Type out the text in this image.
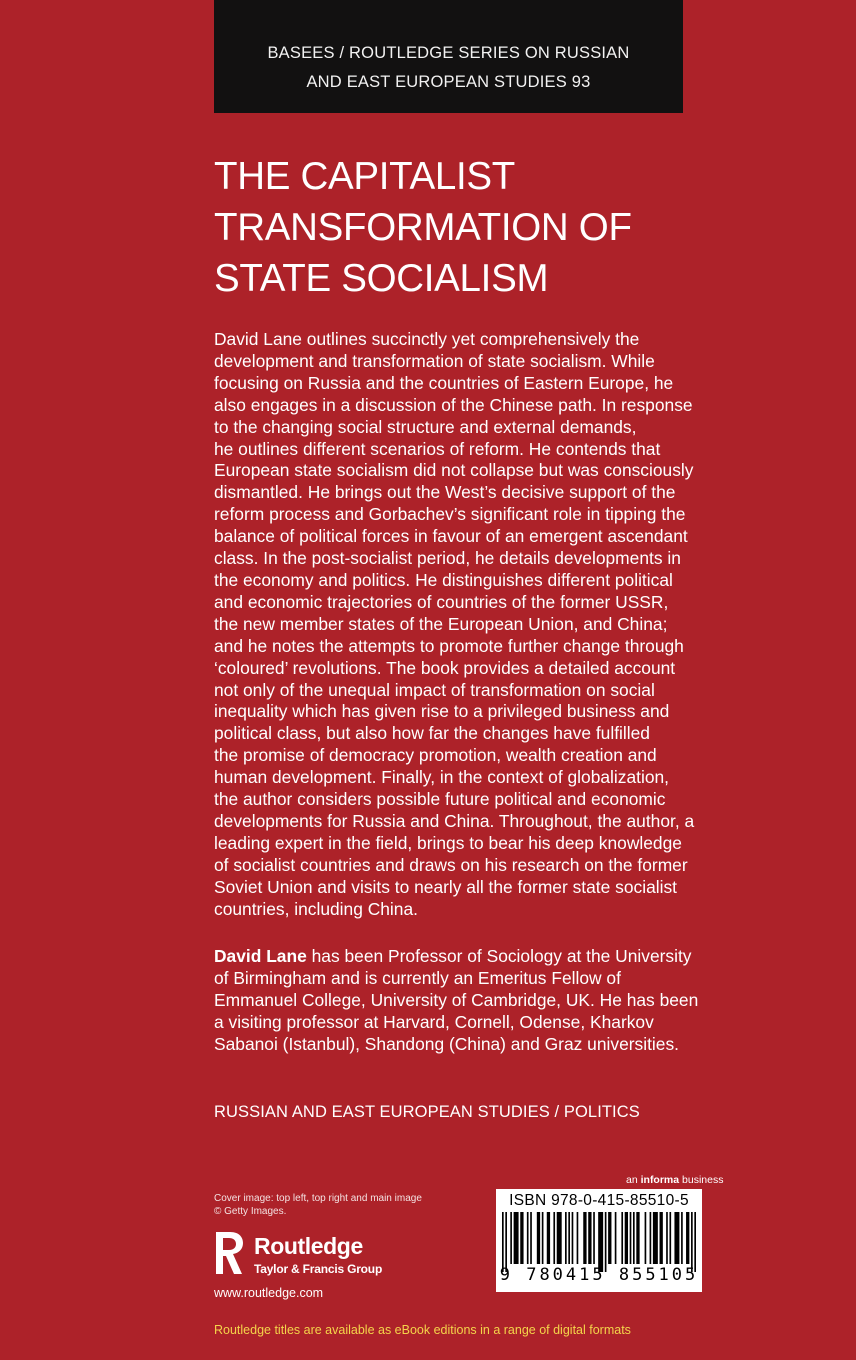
BASEES / ROUTLEDGE SERIES ON RUSSIAN
AND EAST EUROPEAN STUDIES 93
THE CAPITALIST
TRANSFORMATION OF
STATE SOCIALISM
David Lane outlines succinctly yet comprehensively the
development and transformation of state socialism. While
focusing on Russia and the countries of Eastern Europe, he
also engages in a discussion of the Chinese path. In response
to the changing social structure and external demands,
he outlines different scenarios of reform. He contends that
European state socialism did not collapse but was consciously
dismantled. He brings out the West’s decisive support of the
reform process and Gorbachev’s significant role in tipping the
balance of political forces in favour of an emergent ascendant
class. In the post-socialist period, he details developments in
the economy and politics. He distinguishes different political
and economic trajectories of countries of the former USSR,
the new member states of the European Union, and China;
and he notes the attempts to promote further change through
‘coloured’ revolutions. The book provides a detailed account
not only of the unequal impact of transformation on social
inequality which has given rise to a privileged business and
political class, but also how far the changes have fulfilled
the promise of democracy promotion, wealth creation and
human development. Finally, in the context of globalization,
the author considers possible future political and economic
developments for Russia and China. Throughout, the author, a
leading expert in the field, brings to bear his deep knowledge
of socialist countries and draws on his research on the former
Soviet Union and visits to nearly all the former state socialist
countries, including China.
David Lane has been Professor of Sociology at the University
of Birmingham and is currently an Emeritus Fellow of
Emmanuel College, University of Cambridge, UK. He has been
a visiting professor at Harvard, Cornell, Odense, Kharkov
Sabanoi (Istanbul), Shandong (China) and Graz universities.
RUSSIAN AND EAST EUROPEAN STUDIES / POLITICS
Cover image: top left, top right and main image
© Getty Images.
Routledge
Taylor & Francis Group
www.routledge.com
an informa business
ISBN 978-0-415-85510-5
9 780415 855105
Routledge titles are available as eBook editions in a range of digital formats
